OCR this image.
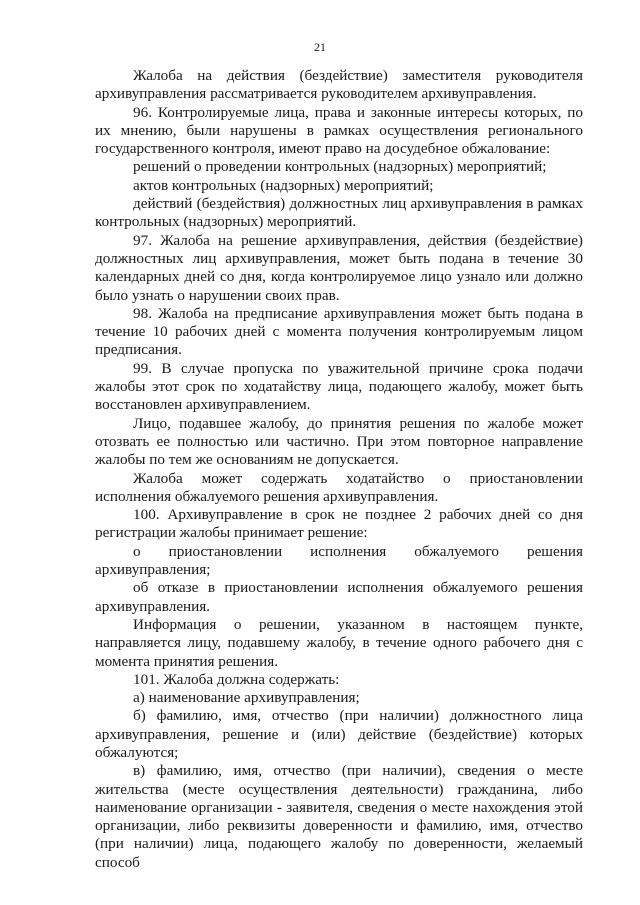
21

Жалоба на действия (бездействие) заместителя руководителя архивуправления рассматривается руководителем архивуправления.

96. Контролируемые лица, права и законные интересы которых, по их мнению, были нарушены в рамках осуществления регионального государственного контроля, имеют право на досудебное обжалование:

решений о проведении контрольных (надзорных) мероприятий;

актов контрольных (надзорных) мероприятий;

действий (бездействия) должностных лиц архивуправления в рамках контрольных (надзорных) мероприятий.

97. Жалоба на решение архивуправления, действия (бездействие) должностных лиц архивуправления, может быть подана в течение 30 календарных дней со дня, когда контролируемое лицо узнало или должно было узнать о нарушении своих прав.

98. Жалоба на предписание архивуправления может быть подана в течение 10 рабочих дней с момента получения контролируемым лицом предписания.

99. В случае пропуска по уважительной причине срока подачи жалобы этот срок по ходатайству лица, подающего жалобу, может быть восстановлен архивуправлением.

Лицо, подавшее жалобу, до принятия решения по жалобе может отозвать ее полностью или частично. При этом повторное направление жалобы по тем же основаниям не допускается.

Жалоба может содержать ходатайство о приостановлении исполнения обжалуемого решения архивуправления.

100. Архивуправление в срок не позднее 2 рабочих дней со дня регистрации жалобы принимает решение:

о приостановлении исполнения обжалуемого решения архивуправления;

об отказе в приостановлении исполнения обжалуемого решения архивуправления.

Информация о решении, указанном в настоящем пункте, направляется лицу, подавшему жалобу, в течение одного рабочего дня с момента принятия решения.

101. Жалоба должна содержать:

а) наименование архивуправления;

б) фамилию, имя, отчество (при наличии) должностного лица архивуправления, решение и (или) действие (бездействие) которых обжалуются;

в) фамилию, имя, отчество (при наличии), сведения о месте жительства (месте осуществления деятельности) гражданина, либо наименование организации - заявителя, сведения о месте нахождения этой организации, либо реквизиты доверенности и фамилию, имя, отчество (при наличии) лица, подающего жалобу по доверенности, желаемый способ
